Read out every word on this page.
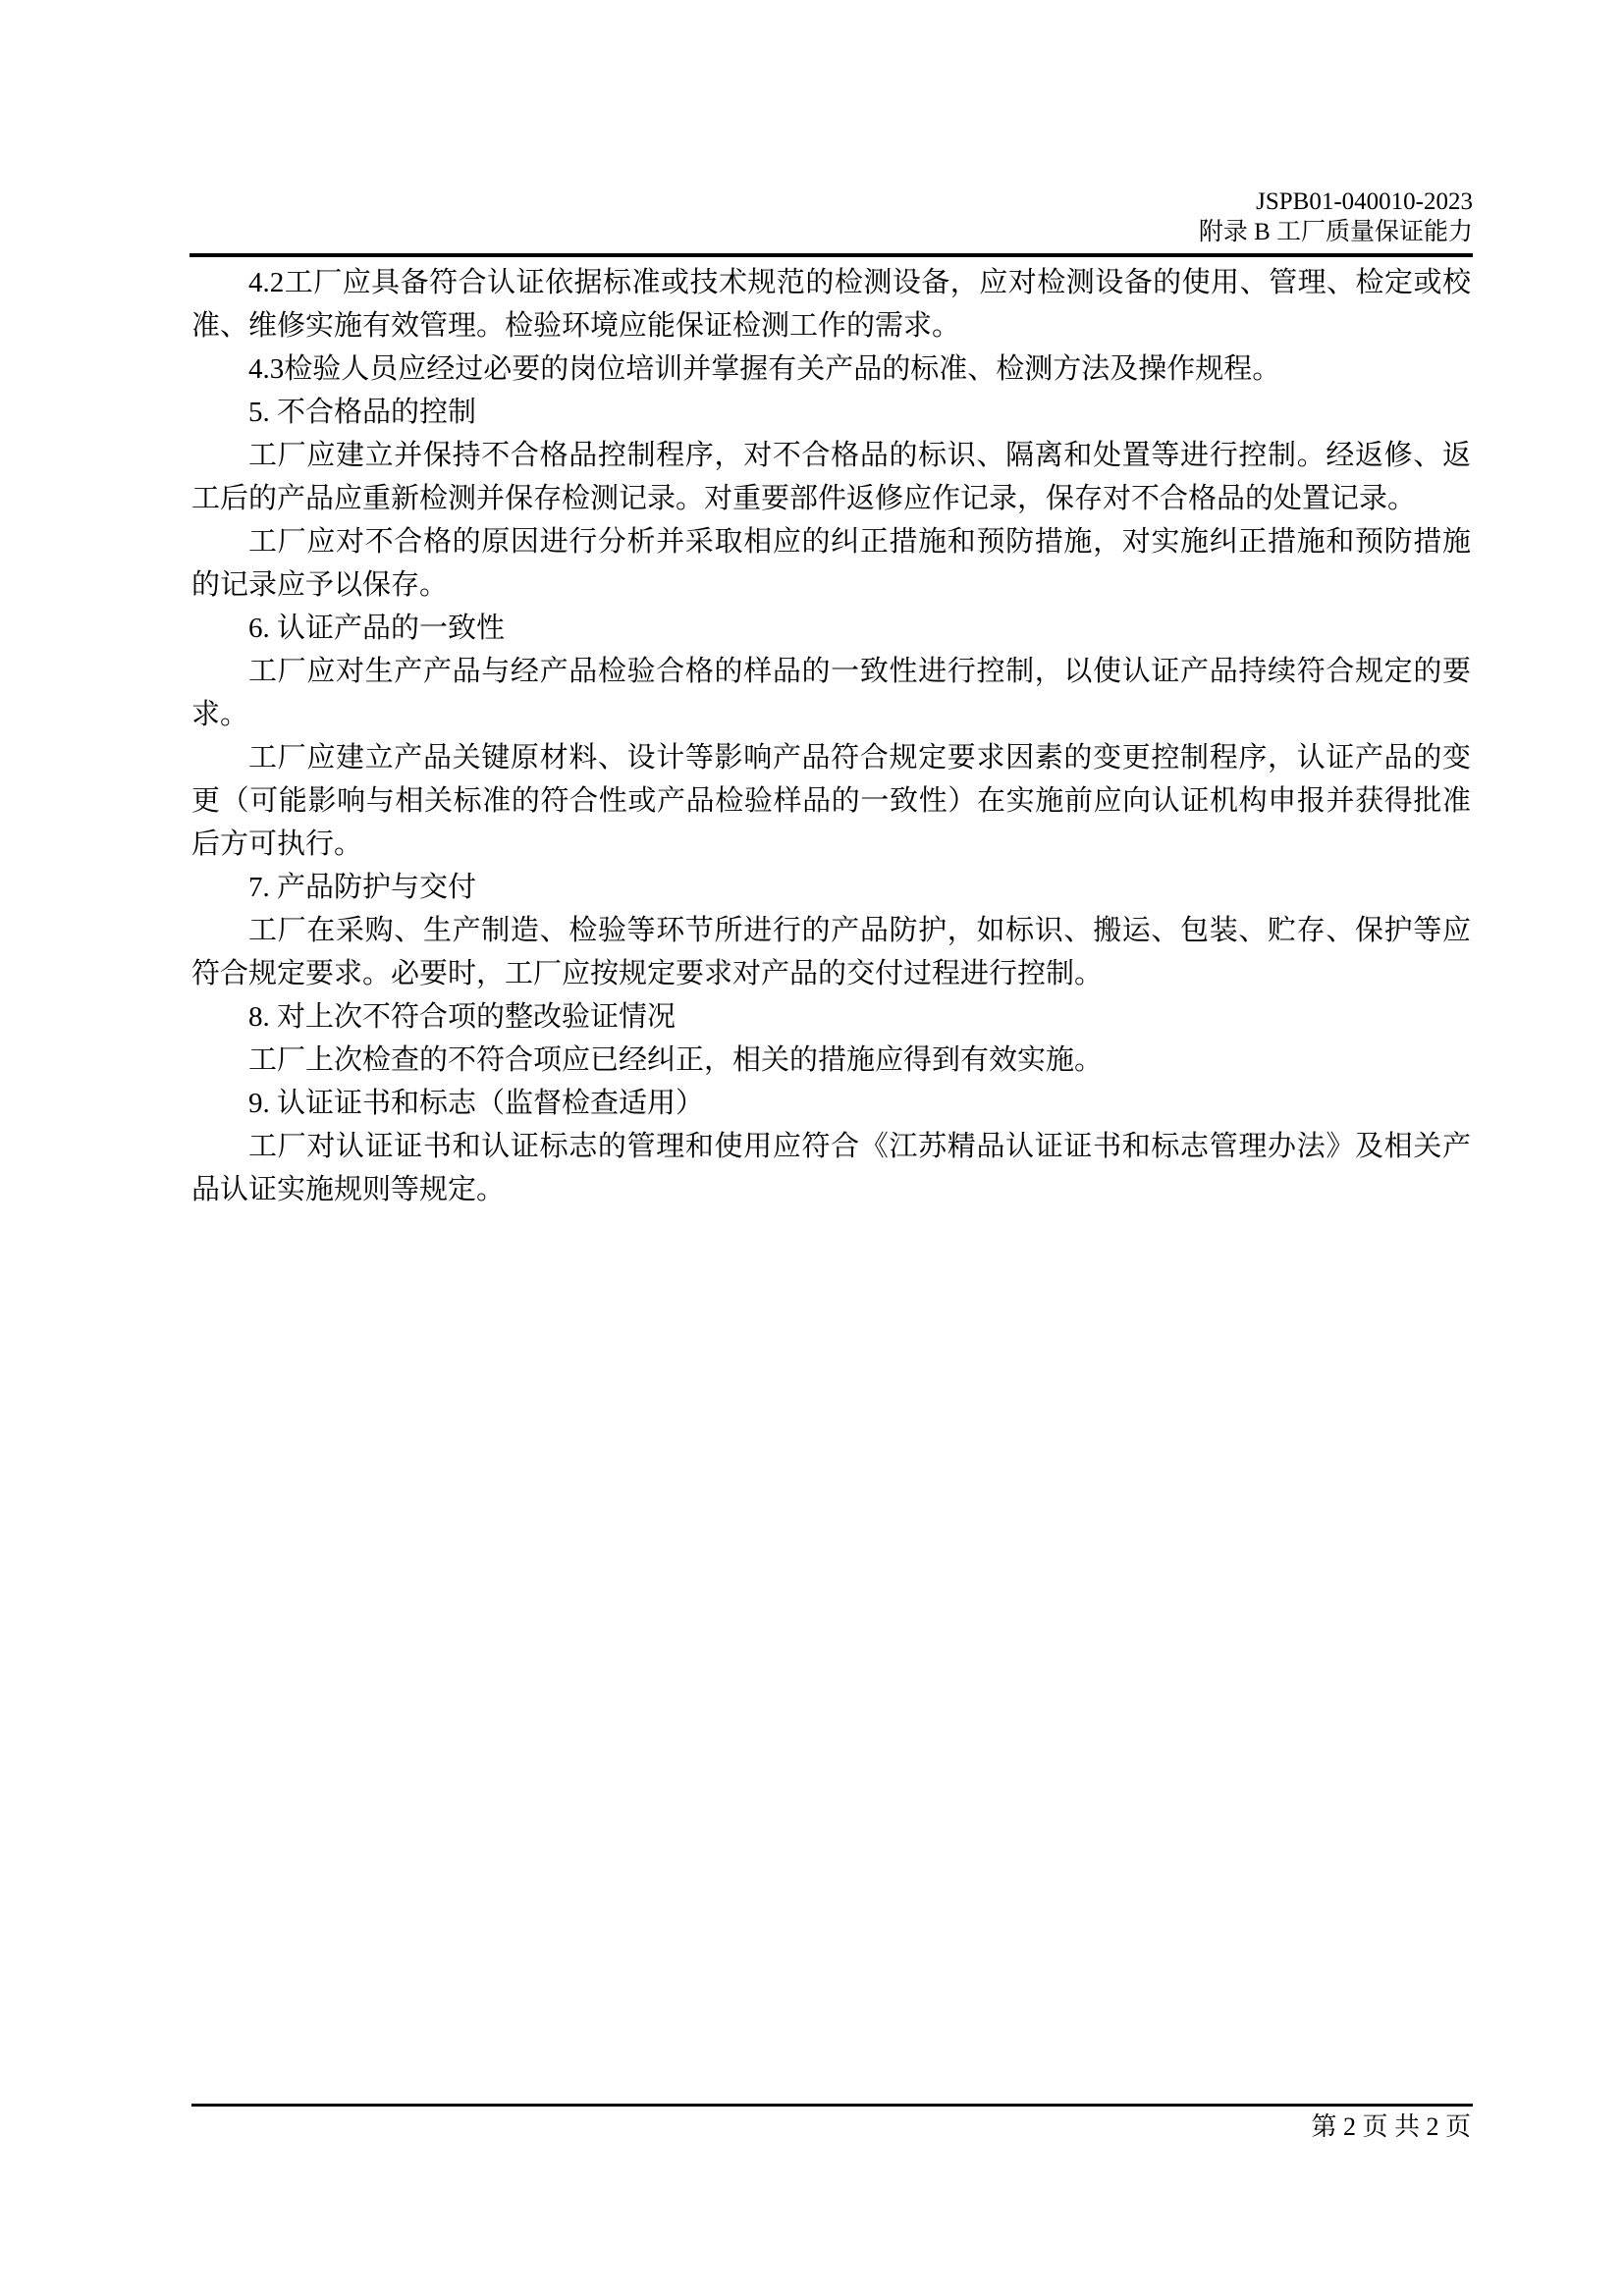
JSPB01-040010-2023
附录 B 工厂质量保证能力

4.2工厂应具备符合认证依据标准或技术规范的检测设备，应对检测设备的使用、管理、检定或校准、维修实施有效管理。检验环境应能保证检测工作的需求。

4.3检验人员应经过必要的岗位培训并掌握有关产品的标准、检测方法及操作规程。

5. 不合格品的控制

工厂应建立并保持不合格品控制程序，对不合格品的标识、隔离和处置等进行控制。经返修、返工后的产品应重新检测并保存检测记录。对重要部件返修应作记录，保存对不合格品的处置记录。

工厂应对不合格的原因进行分析并采取相应的纠正措施和预防措施，对实施纠正措施和预防措施的记录应予以保存。

6. 认证产品的一致性

工厂应对生产产品与经产品检验合格的样品的一致性进行控制，以使认证产品持续符合规定的要求。

工厂应建立产品关键原材料、设计等影响产品符合规定要求因素的变更控制程序，认证产品的变更（可能影响与相关标准的符合性或产品检验样品的一致性）在实施前应向认证机构申报并获得批准后方可执行。

7. 产品防护与交付

工厂在采购、生产制造、检验等环节所进行的产品防护，如标识、搬运、包装、贮存、保护等应符合规定要求。必要时，工厂应按规定要求对产品的交付过程进行控制。

8. 对上次不符合项的整改验证情况

工厂上次检查的不符合项应已经纠正，相关的措施应得到有效实施。

9. 认证证书和标志（监督检查适用）

工厂对认证证书和认证标志的管理和使用应符合《江苏精品认证证书和标志管理办法》及相关产品认证实施规则等规定。

第 2 页 共 2 页
